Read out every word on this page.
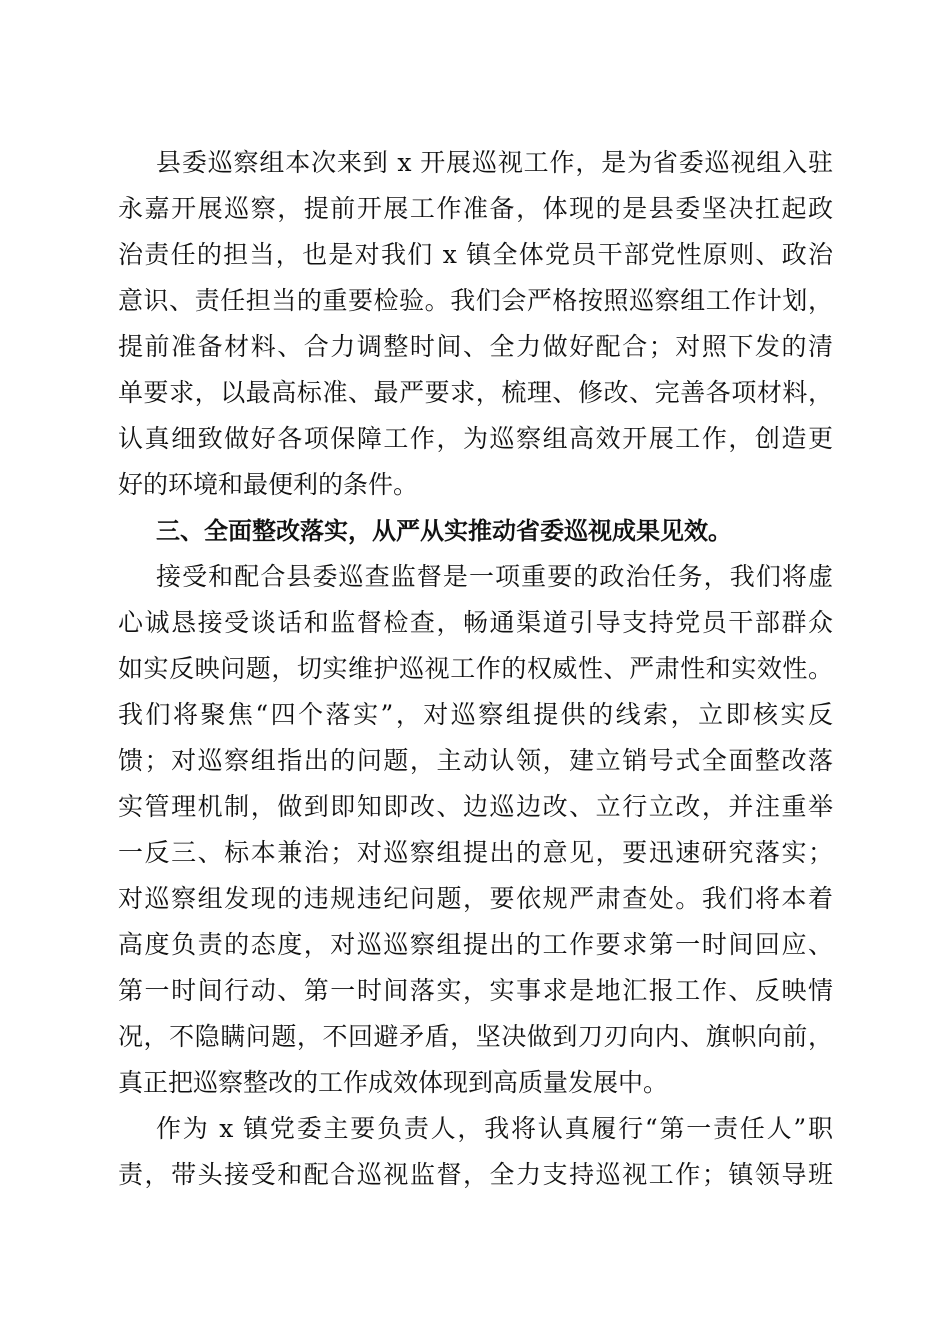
县委巡察组本次来到 x 开展巡视工作，是为省委巡视组入驻
永嘉开展巡察，提前开展工作准备，体现的是县委坚决扛起政
治责任的担当，也是对我们 x 镇全体党员干部党性原则、政治
意识、责任担当的重要检验。我们会严格按照巡察组工作计划，
提前准备材料、合力调整时间、全力做好配合；对照下发的清
单要求，以最高标准、最严要求，梳理、修改、完善各项材料，
认真细致做好各项保障工作，为巡察组高效开展工作，创造更
好的环境和最便利的条件。
三、全面整改落实，从严从实推动省委巡视成果见效。
接受和配合县委巡查监督是一项重要的政治任务，我们将虚
心诚恳接受谈话和监督检查，畅通渠道引导支持党员干部群众
如实反映问题，切实维护巡视工作的权威性、严肃性和实效性。
我们将聚焦“四个落实”，对巡察组提供的线索，立即核实反
馈；对巡察组指出的问题，主动认领，建立销号式全面整改落
实管理机制，做到即知即改、边巡边改、立行立改，并注重举
一反三、标本兼治；对巡察组提出的意见，要迅速研究落实；
对巡察组发现的违规违纪问题，要依规严肃查处。我们将本着
高度负责的态度，对巡巡察组提出的工作要求第一时间回应、
第一时间行动、第一时间落实，实事求是地汇报工作、反映情
况，不隐瞒问题，不回避矛盾，坚决做到刀刃向内、旗帜向前，
真正把巡察整改的工作成效体现到高质量发展中。
作为 x 镇党委主要负责人，我将认真履行“第一责任人”职
责，带头接受和配合巡视监督，全力支持巡视工作；镇领导班
